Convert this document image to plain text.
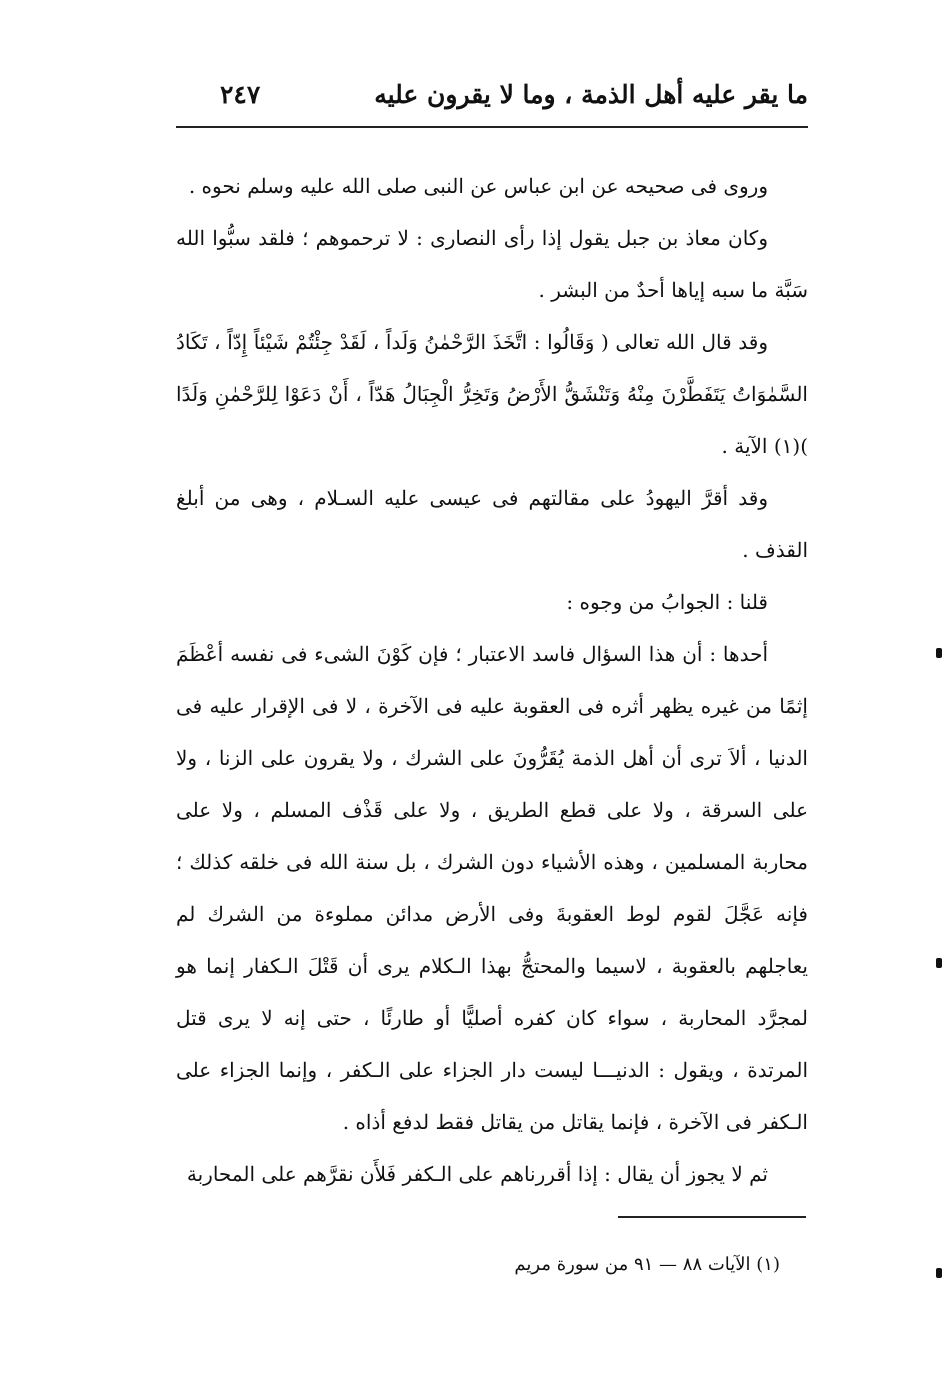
ما يقر عليه أهل الذمة ، وما لا يقرون عليه
٢٤٧

وروى فى صحيحه عن ابن عباس عن النبى صلى الله عليه وسلم نحوه .

وكان معاذ بن جبل يقول إذا رأى النصارى : لا ترحموهم ؛ فلقد سبُّوا الله سَبَّة ما سبه إياها أحدٌ من البشر .

وقد قال الله تعالى ( وَقَالُوا : اتَّخَذَ الرَّحْمٰنُ وَلَداً ، لَقَدْ جِئْتُمْ شَيْئاً إِدّاً ، تَكَادُ السَّمٰوَاتُ يَتَفَطَّرْنَ مِنْهُ وَتَنْشَقُّ الأَرْضُ وَتَخِرُّ الْجِبَالُ هَدّاً ، أَنْ دَعَوْا لِلرَّحْمٰنِ وَلَدًا )(١) الآية .

وقد أقرَّ اليهودُ على مقالتهم فى عيسى عليه السـلام ، وهى من أبلغ القذف .

قلنا : الجوابُ من وجوه :

أحدها : أن هذا السؤال فاسد الاعتبار ؛ فإن كَوْنَ الشىء فى نفسه أعْظَمَ إثمًا من غيره يظهر أثره فى العقوبة عليه فى الآخرة ، لا فى الإقرار عليه فى الدنيا ، ألاَ ترى أن أهل الذمة يُقَرُّونَ على الشرك ، ولا يقرون على الزنا ، ولا على السرقة ، ولا على قطع الطريق ، ولا على قَذْف المسلم ، ولا على محاربة المسلمين ، وهذه الأشياء دون الشرك ، بل سنة الله فى خلقه كذلك ؛ فإنه عَجَّلَ لقوم لوط العقوبةَ وفى الأرض مدائن مملوءة من الشرك لم يعاجلهم بالعقوبة ، لاسيما والمحتجُّ بهذا الـكلام يرى أن قَتْلَ الـكفار إنما هو لمجرَّد المحاربة ، سواء كان كفره أصليًّا أو طارئًا ، حتى إنه لا يرى قتل المرتدة ، ويقول : الدنيـــا ليست دار الجزاء على الـكفر ، وإنما الجزاء على الـكفر فى الآخرة ، فإنما يقاتل من يقاتل فقط لدفع أذاه .

ثم لا يجوز أن يقال : إذا أقررناهم على الـكفر فَلأَن نقرَّهم على المحاربة

(١) الآيات ٨٨ — ٩١ من سورة مريم
